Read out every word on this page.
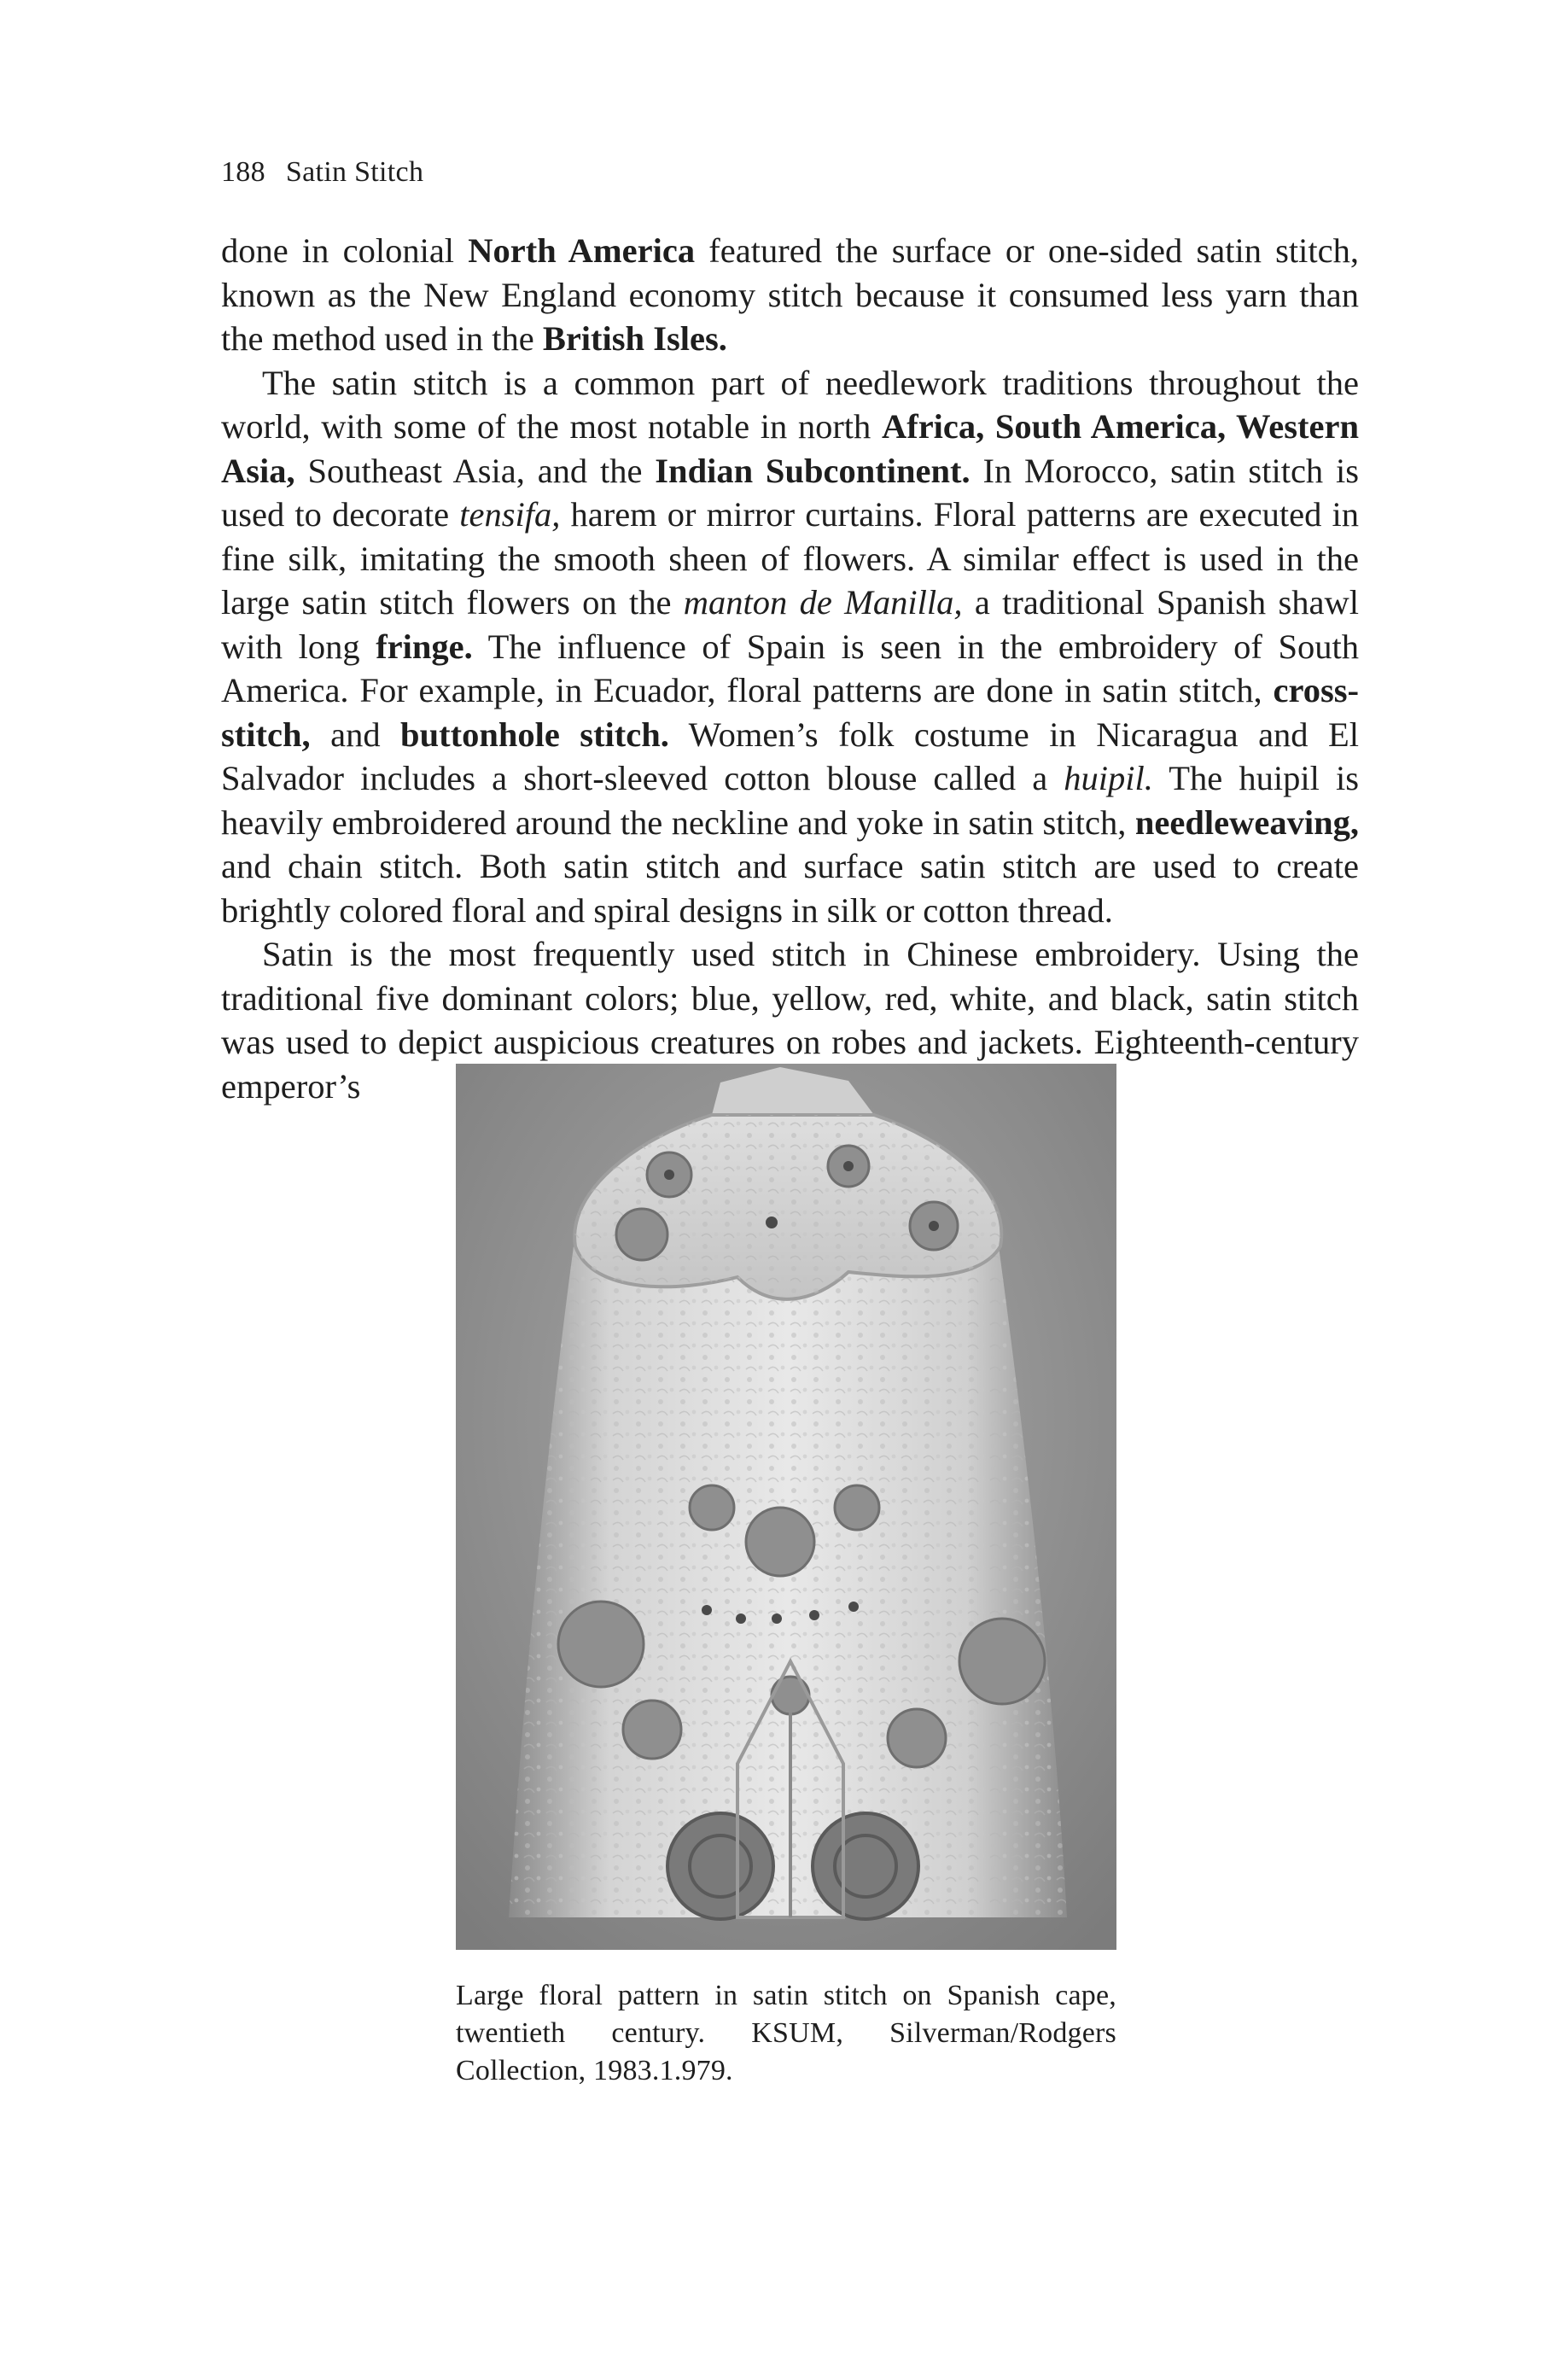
188 Satin Stitch

done in colonial North America featured the surface or one-sided satin stitch, known as the New England economy stitch because it consumed less yarn than the method used in the British Isles.

The satin stitch is a common part of needlework traditions throughout the world, with some of the most notable in north Africa, South America, Western Asia, Southeast Asia, and the Indian Subcontinent. In Morocco, satin stitch is used to decorate tensifa, harem or mirror curtains. Floral patterns are executed in fine silk, imitating the smooth sheen of flowers. A similar effect is used in the large satin stitch flowers on the manton de Manilla, a traditional Spanish shawl with long fringe. The influence of Spain is seen in the embroidery of South America. For example, in Ecuador, floral patterns are done in satin stitch, cross-stitch, and buttonhole stitch. Women’s folk costume in Nicaragua and El Salvador includes a short-sleeved cotton blouse called a huipil. The huipil is heavily embroidered around the neckline and yoke in satin stitch, needleweaving, and chain stitch. Both satin stitch and surface satin stitch are used to create brightly colored floral and spiral designs in silk or cotton thread.

Satin is the most frequently used stitch in Chinese embroidery. Using the traditional five dominant colors; blue, yellow, red, white, and black, satin stitch was used to depict auspicious creatures on robes and jackets. Eighteenth-century emperor’s

Large floral pattern in satin stitch on Spanish cape, twentieth century. KSUM, Silverman/Rodgers Collection, 1983.1.979.
